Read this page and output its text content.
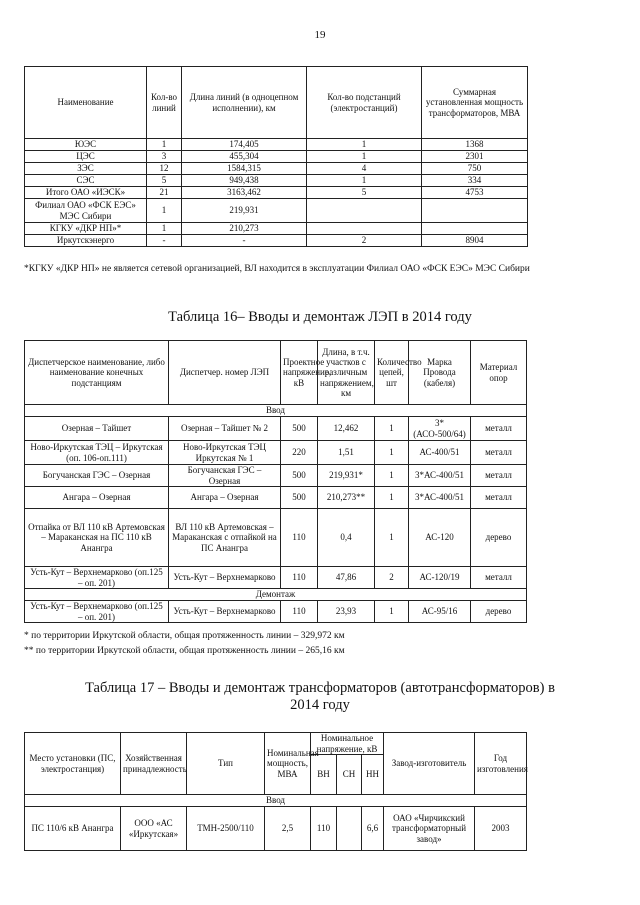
19
Наименование	Кол-во линий	Длина линий (в одноцепном исполнении), км	Кол-во подстанций (электростанций)	Суммарная установленная мощность трансформаторов, МВА
ЮЭС	1	174,405	1	1368
ЦЭС	3	455,304	1	2301
ЗЭС	12	1584,315	4	750
СЭС	5	949,438	1	334
Итого ОАО «ИЭСК»	21	3163,462	5	4753
Филиал ОАО «ФСК ЕЭС» МЭС Сибири	1	219,931		
КГКУ «ДКР НП»*	1	210,273		
Иркутскэнерго	-	-	2	8904
*КГКУ «ДКР НП» не является сетевой организацией, ВЛ находится в эксплуатации Филиал ОАО «ФСК ЕЭС» МЭС Сибири
Таблица 16– Вводы и демонтаж ЛЭП в 2014 году
Диспетчерское наименование, либо наименование конечных подстанциям	Диспетчер. номер ЛЭП	Проектное напряжение, кВ	Длина, в т.ч. участков с различным напряжением, км	Количество цепей, шт	Марка Провода (кабеля)	Материал опор
Ввод						
Озерная – Тайшет	Озерная – Тайшет № 2	500	12,462	1	3*(АСО-500/64)	металл
Ново-Иркутская ТЭЦ – Иркутская (оп. 106-оп.111)	Ново-Иркутская ТЭЦ Иркутская № 1	220	1,51	1	АС-400/51	металл
Богучанская ГЭС – Озерная	Богучанская ГЭС – Озерная	500	219,931*	1	3*АС-400/51	металл
Ангара – Озерная	Ангара – Озерная	500	210,273**	1	3*АС-400/51	металл
Отпайка от ВЛ 110 кВ Артемовская – Мараканская на ПС 110 кВ Анангра	ВЛ 110 кВ Артемовская – Мараканская с отпайкой на ПС Анангра	110	0,4	1	АС-120	дерево
Усть-Кут – Верхнемарково (оп.125 – оп. 201)	Усть-Кут – Верхнемарково	110	47,86	2	АС-120/19	металл
Демонтаж						
Усть-Кут – Верхнемарково (оп.125 – оп. 201)	Усть-Кут – Верхнемарково	110	23,93	1	АС-95/16	дерево
* по территории Иркутской области, общая протяженность линии – 329,972 км
** по территории Иркутской области, общая протяженность линии – 265,16 км
Таблица 17 – Вводы и демонтаж трансформаторов (автотрансформаторов) в
2014 году
Место установки (ПС, электростанция)	Хозяйственная принадлежность	Тип	Номинальная мощность, МВА	Номинальное напряжение, кВ			Завод-изготовитель	Год изготовления
				ВН	СН	НН		
Ввод								
ПС 110/6 кВ Анангра	ООО «АС «Иркутская»	ТМН-2500/110	2,5	110		6,6	ОАО «Чирчикский трансформаторный завод»	2003
